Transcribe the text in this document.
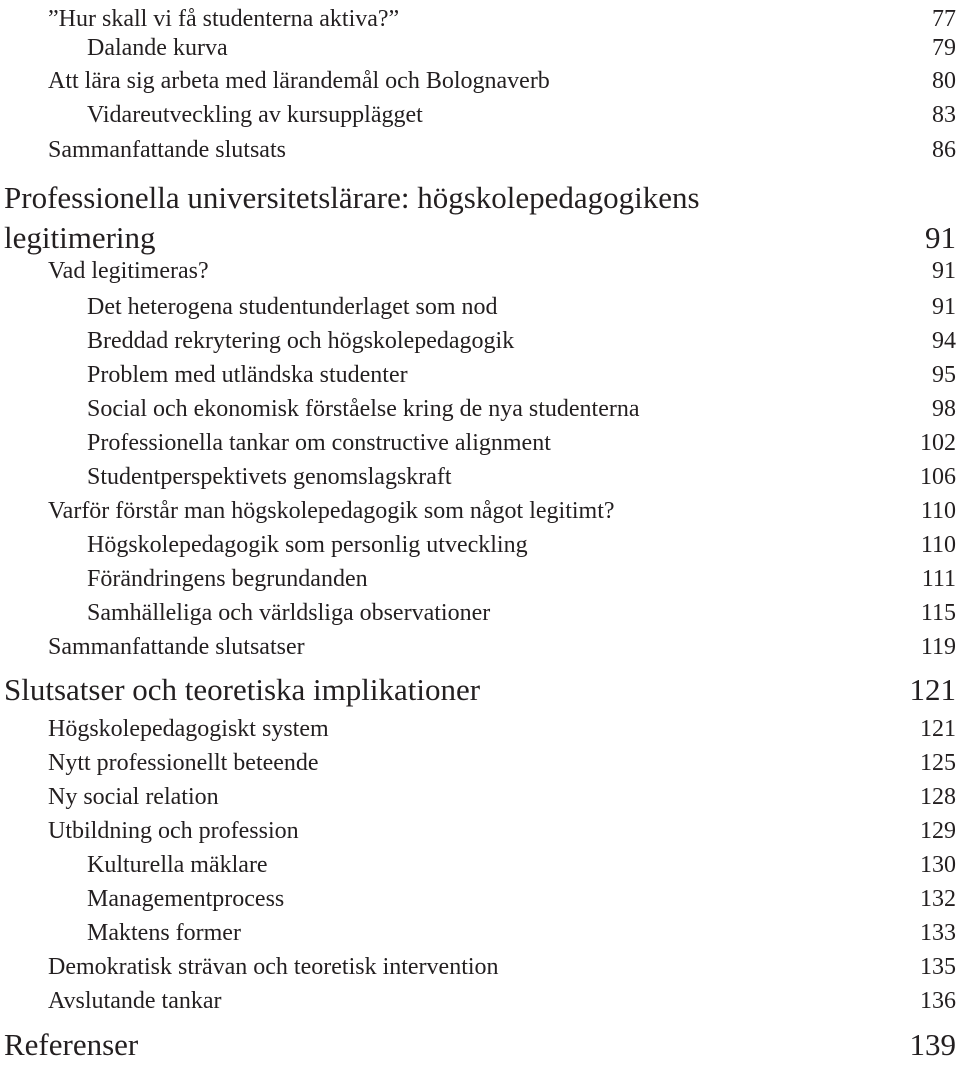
”Hur skall vi få studenterna aktiva?”	77
Dalande kurva	79
Att lära sig arbeta med lärandemål och Bolognaverb	80
Vidareutveckling av kursupplägget	83
Sammanfattande slutsats	86
Professionella universitetslärare: högskolepedagogikens
legitimering	91
Vad legitimeras?	91
Det heterogena studentunderlaget som nod	91
Breddad rekrytering och högskolepedagogik	94
Problem med utländska studenter	95
Social och ekonomisk förståelse kring de nya studenterna	98
Professionella tankar om constructive alignment	102
Studentperspektivets genomslagskraft	106
Varför förstår man högskolepedagogik som något legitimt?	110
Högskolepedagogik som personlig utveckling	110
Förändringens begrundanden	111
Samhälleliga och världsliga observationer	115
Sammanfattande slutsatser	119
Slutsatser och teoretiska implikationer	121
Högskolepedagogiskt system	121
Nytt professionellt beteende	125
Ny social relation	128
Utbildning och profession	129
Kulturella mäklare	130
Managementprocess	132
Maktens former	133
Demokratisk strävan och teoretisk intervention	135
Avslutande tankar	136
Referenser	139
